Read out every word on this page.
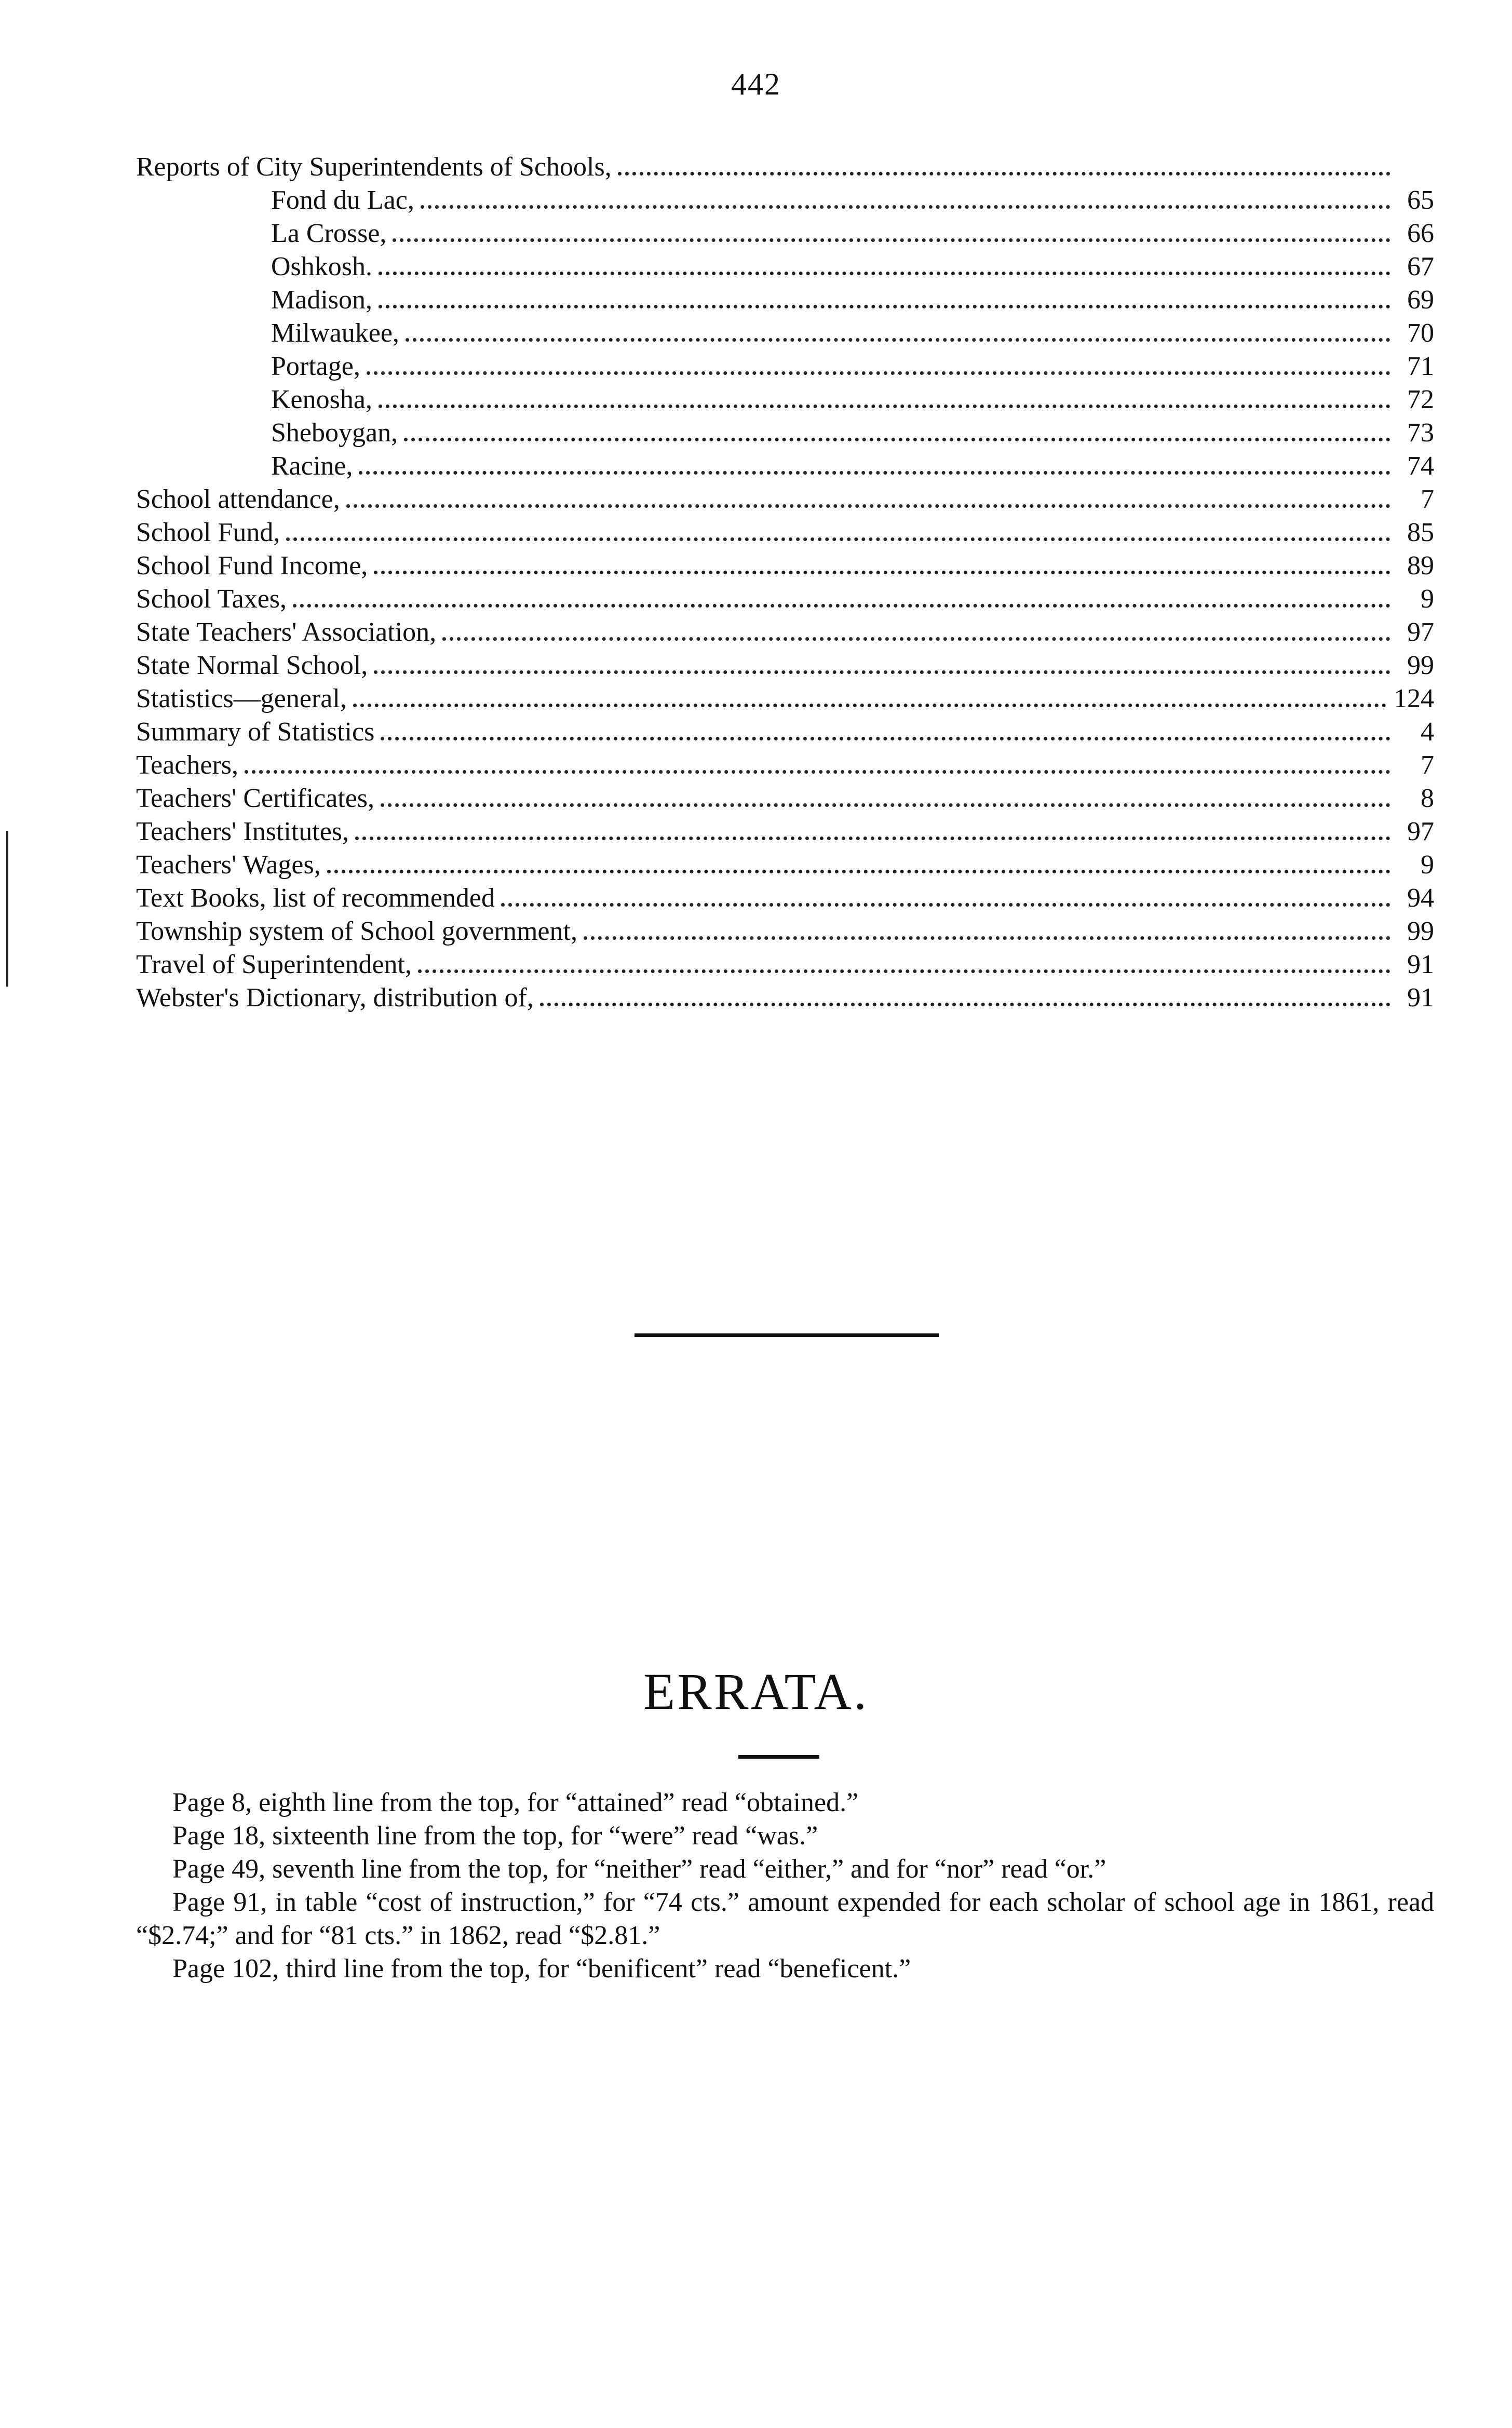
442
Reports of City Superintendents of Schools,
Fond du Lac,	65
La Crosse,	66
Oshkosh.	67
Madison,	69
Milwaukee,	70
Portage,	71
Kenosha,	72
Sheboygan,	73
Racine,	74
School attendance,	7
School Fund,	85
School Fund Income,	89
School Taxes,	9
State Teachers' Association,	97
State Normal School,	99
Statistics—general,	124
Summary of Statistics	4
Teachers,	7
Teachers' Certificates,	8
Teachers' Institutes,	97
Teachers' Wages,	9
Text Books, list of recommended	94
Township system of School government,	99
Travel of Superintendent,	91
Webster's Dictionary, distribution of,	91
ERRATA.

Page 8, eighth line from the top, for “attained” read “obtained.”

Page 18, sixteenth line from the top, for “were” read “was.”

Page 49, seventh line from the top, for “neither” read “either,” and for “nor” read “or.”

Page 91, in table “cost of instruction,” for “74 cts.” amount expended for each scholar of school age in 1861, read “$2.74;” and for “81 cts.” in 1862, read “$2.81.”

Page 102, third line from the top, for “benificent” read “beneficent.”
